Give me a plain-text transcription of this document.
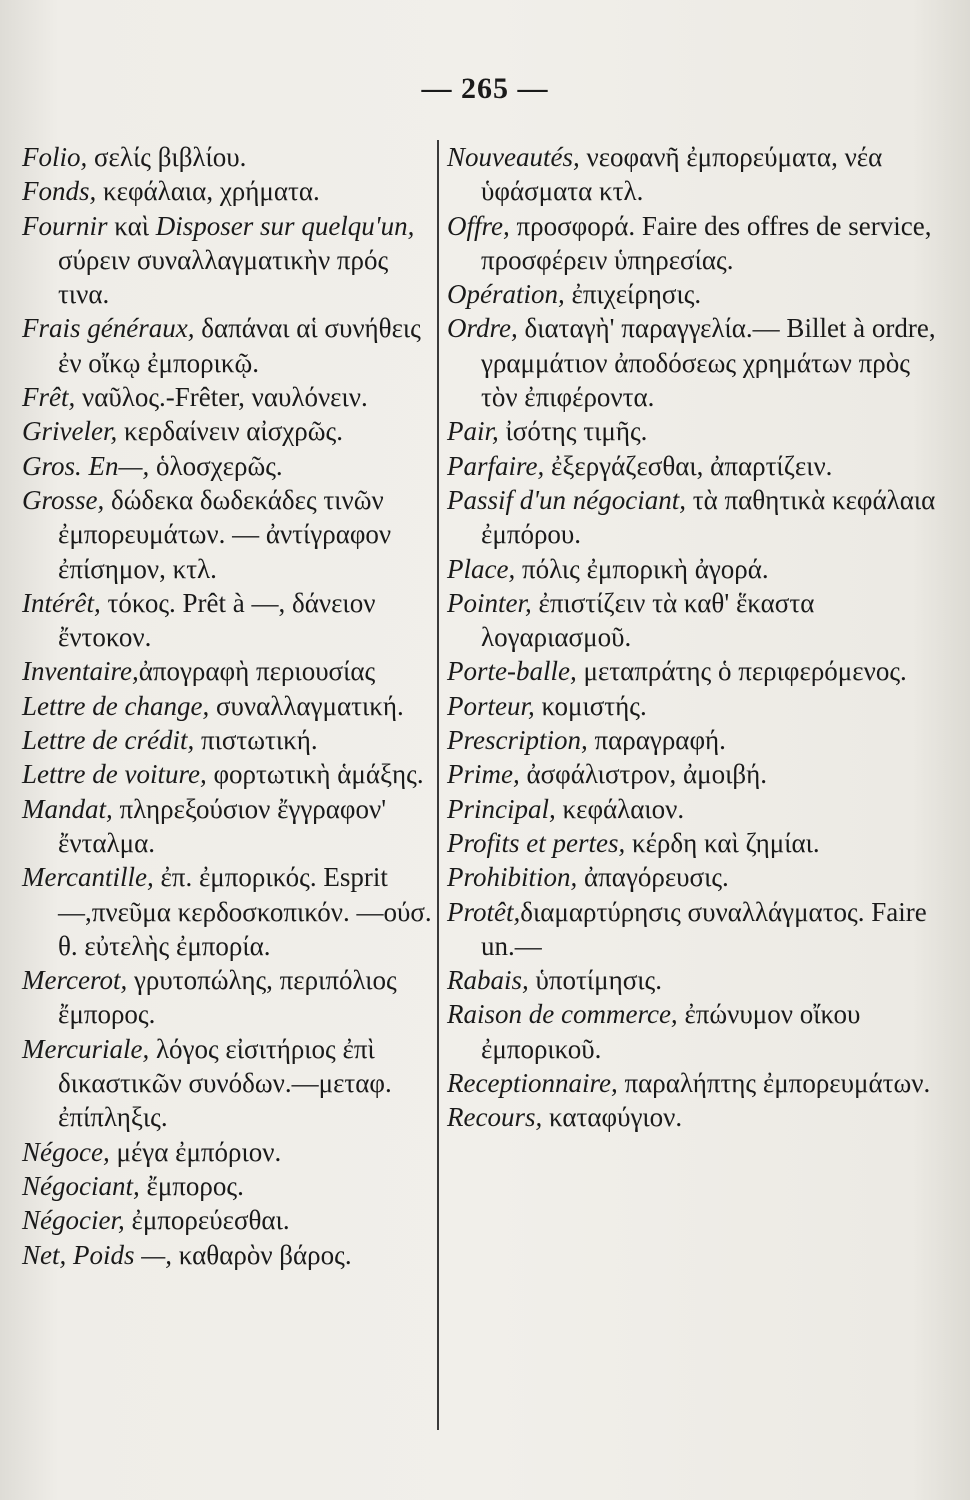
— 265 —
Folio, σελίς βιβλίου.
Fonds, κεφάλαια, χρήματα.
Fournir καὶ Disposer sur quelqu'un, σύρειν συναλλαγματικὴν πρός τινα.
Frais généraux, δαπάναι αἱ συνήθεις ἐν οἴκῳ ἐμπορικῷ.
Frêt, ναῦλος.-Frêter, ναυλόνειν.
Griveler, κερδαίνειν αἰσχρῶς.
Gros. En—, ὁλοσχερῶς.
Grosse, δώδεκα δωδεκάδες τινῶν ἐμπορευμάτων. — ἀντίγραφον ἐπίσημον, κτλ.
Intérêt, τόκος. Prêt à —, δάνειον ἔντοκον.
Inventaire,ἀπογραφὴ περιουσίας
Lettre de change, συναλλαγματική.
Lettre de crédit, πιστωτική.
Lettre de voiture, φορτωτικὴ ἁμάξης.
Mandat, πληρεξούσιον ἔγγραφον' ἔνταλμα.
Mercantille, ἐπ. ἐμπορικός. Esprit—,πνεῦμα κερδοσκοπικόν. —ούσ. θ. εὐτελὴς ἐμπορία.
Mercerot, γρυτοπώλης, περιπόλιος ἔμπορος.
Mercuriale, λόγος εἰσιτήριος ἐπὶ δικαστικῶν συνόδων.—μεταφ. ἐπίπληξις.
Négoce, μέγα ἐμπόριον.
Négociant, ἔμπορος.
Négocier, ἐμπορεύεσθαι.
Net, Poids —, καθαρὸν βάρος.
Nouveautés, νεοφανῆ ἐμπορεύματα, νέα ὑφάσματα κτλ.
Offre, προσφορά. Faire des offres de service, προσφέρειν ὑπηρεσίας.
Opération, ἐπιχείρησις.
Ordre, διαταγὴ' παραγγελία.— Billet à ordre, γραμμάτιον ἀποδόσεως χρημάτων πρὸς τὸν ἐπιφέροντα.
Pair, ἰσότης τιμῆς.
Parfaire, ἐξεργάζεσθαι, ἀπαρτίζειν.
Passif d'un négociant, τὰ παθητικὰ κεφάλαια ἐμπόρου.
Place, πόλις ἐμπορικὴ ἀγορά.
Pointer, ἐπιστίζειν τὰ καθ' ἕκαστα λογαριασμοῦ.
Porte-balle, μεταπράτης ὁ περιφερόμενος.
Porteur, κομιστής.
Prescription, παραγραφή.
Prime, ἀσφάλιστρον, ἀμοιβή.
Principal, κεφάλαιον.
Profits et pertes, κέρδη καὶ ζημίαι.
Prohibition, ἀπαγόρευσις.
Protêt,διαμαρτύρησις συναλλάγματος. Faire un.—
Rabais, ὑποτίμησις.
Raison de commerce, ἐπώνυμον οἴκου ἐμπορικοῦ.
Receptionnaire, παραλήπτης ἐμπορευμάτων.
Recours, καταφύγιον.
